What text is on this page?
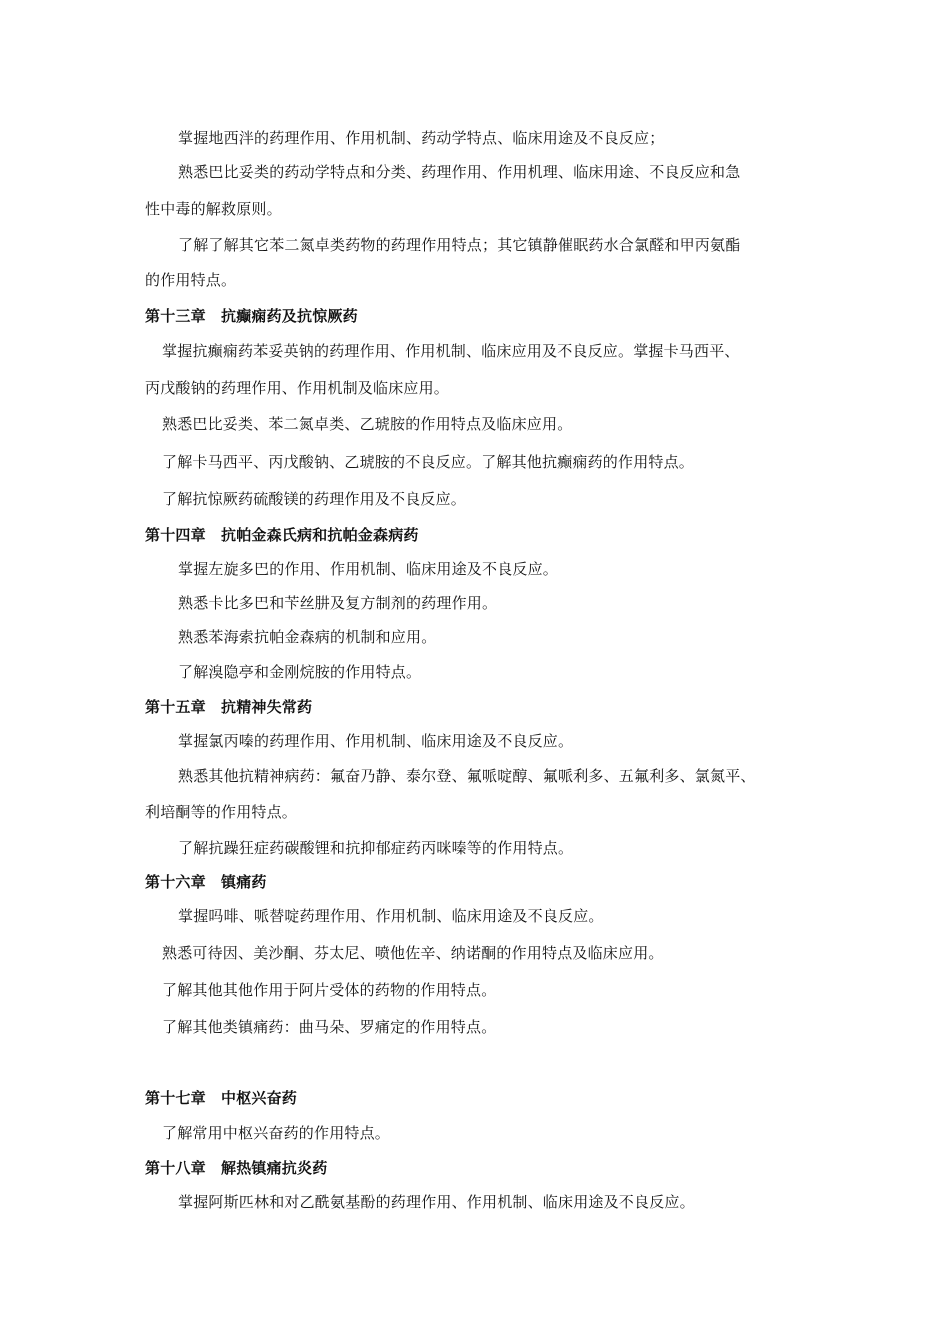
掌握地西泮的药理作用、作用机制、药动学特点、临床用途及不良反应；
熟悉巴比妥类的药动学特点和分类、药理作用、作用机理、临床用途、不良反应和急
性中毒的解救原则。
了解了解其它苯二氮卓类药物的药理作用特点；其它镇静催眠药水合氯醛和甲丙氨酯
的作用特点。
第十三章　抗癫痫药及抗惊厥药
掌握抗癫痫药苯妥英钠的药理作用、作用机制、临床应用及不良反应。掌握卡马西平、
丙戊酸钠的药理作用、作用机制及临床应用。
熟悉巴比妥类、苯二氮卓类、乙琥胺的作用特点及临床应用。
了解卡马西平、丙戊酸钠、乙琥胺的不良反应。了解其他抗癫痫药的作用特点。
了解抗惊厥药硫酸镁的药理作用及不良反应。
第十四章　抗帕金森氏病和抗帕金森病药
掌握左旋多巴的作用、作用机制、临床用途及不良反应。
熟悉卡比多巴和苄丝肼及复方制剂的药理作用。
熟悉苯海索抗帕金森病的机制和应用。
了解溴隐亭和金刚烷胺的作用特点。
第十五章　抗精神失常药
掌握氯丙嗪的药理作用、作用机制、临床用途及不良反应。
熟悉其他抗精神病药：氟奋乃静、泰尔登、氟哌啶醇、氟哌利多、五氟利多、氯氮平、
利培酮等的作用特点。
了解抗躁狂症药碳酸锂和抗抑郁症药丙咪嗪等的作用特点。
第十六章　镇痛药
掌握吗啡、哌替啶药理作用、作用机制、临床用途及不良反应。
熟悉可待因、美沙酮、芬太尼、喷他佐辛、纳诺酮的作用特点及临床应用。
了解其他其他作用于阿片受体的药物的作用特点。
了解其他类镇痛药：曲马朵、罗痛定的作用特点。
第十七章　中枢兴奋药
了解常用中枢兴奋药的作用特点。
第十八章　解热镇痛抗炎药
掌握阿斯匹林和对乙酰氨基酚的药理作用、作用机制、临床用途及不良反应。
